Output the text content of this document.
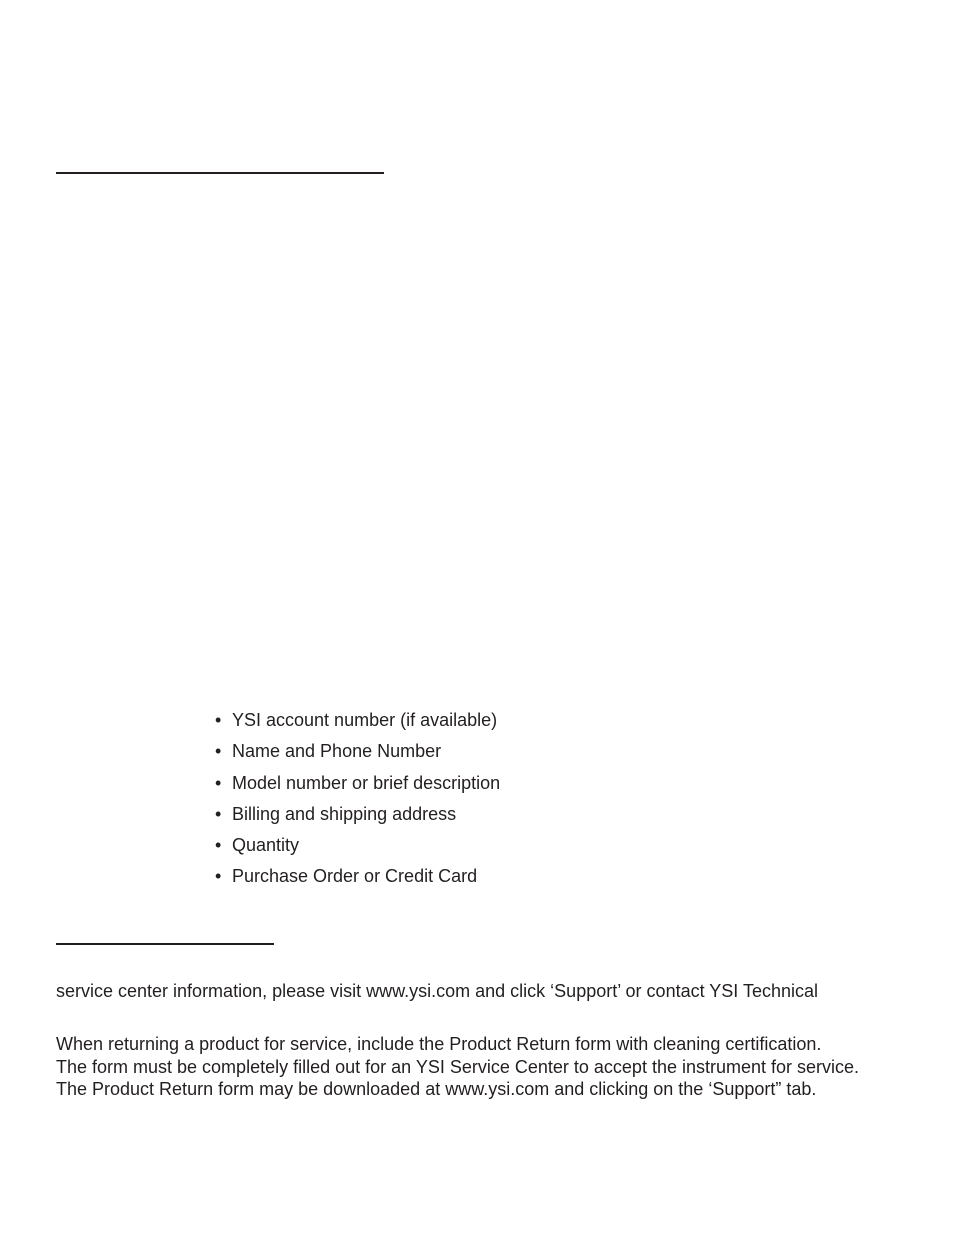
• YSI account number (if available)
• Name and Phone Number
• Model number or brief description
• Billing and shipping address
• Quantity
• Purchase Order or Credit Card

service center information, please visit www.ysi.com and click ‘Support’ or contact YSI Technical

When returning a product for service, include the Product Return form with cleaning certification.
The form must be completely filled out for an YSI Service Center to accept the instrument for service.
The Product Return form may be downloaded at www.ysi.com and clicking on the ‘Support” tab.
